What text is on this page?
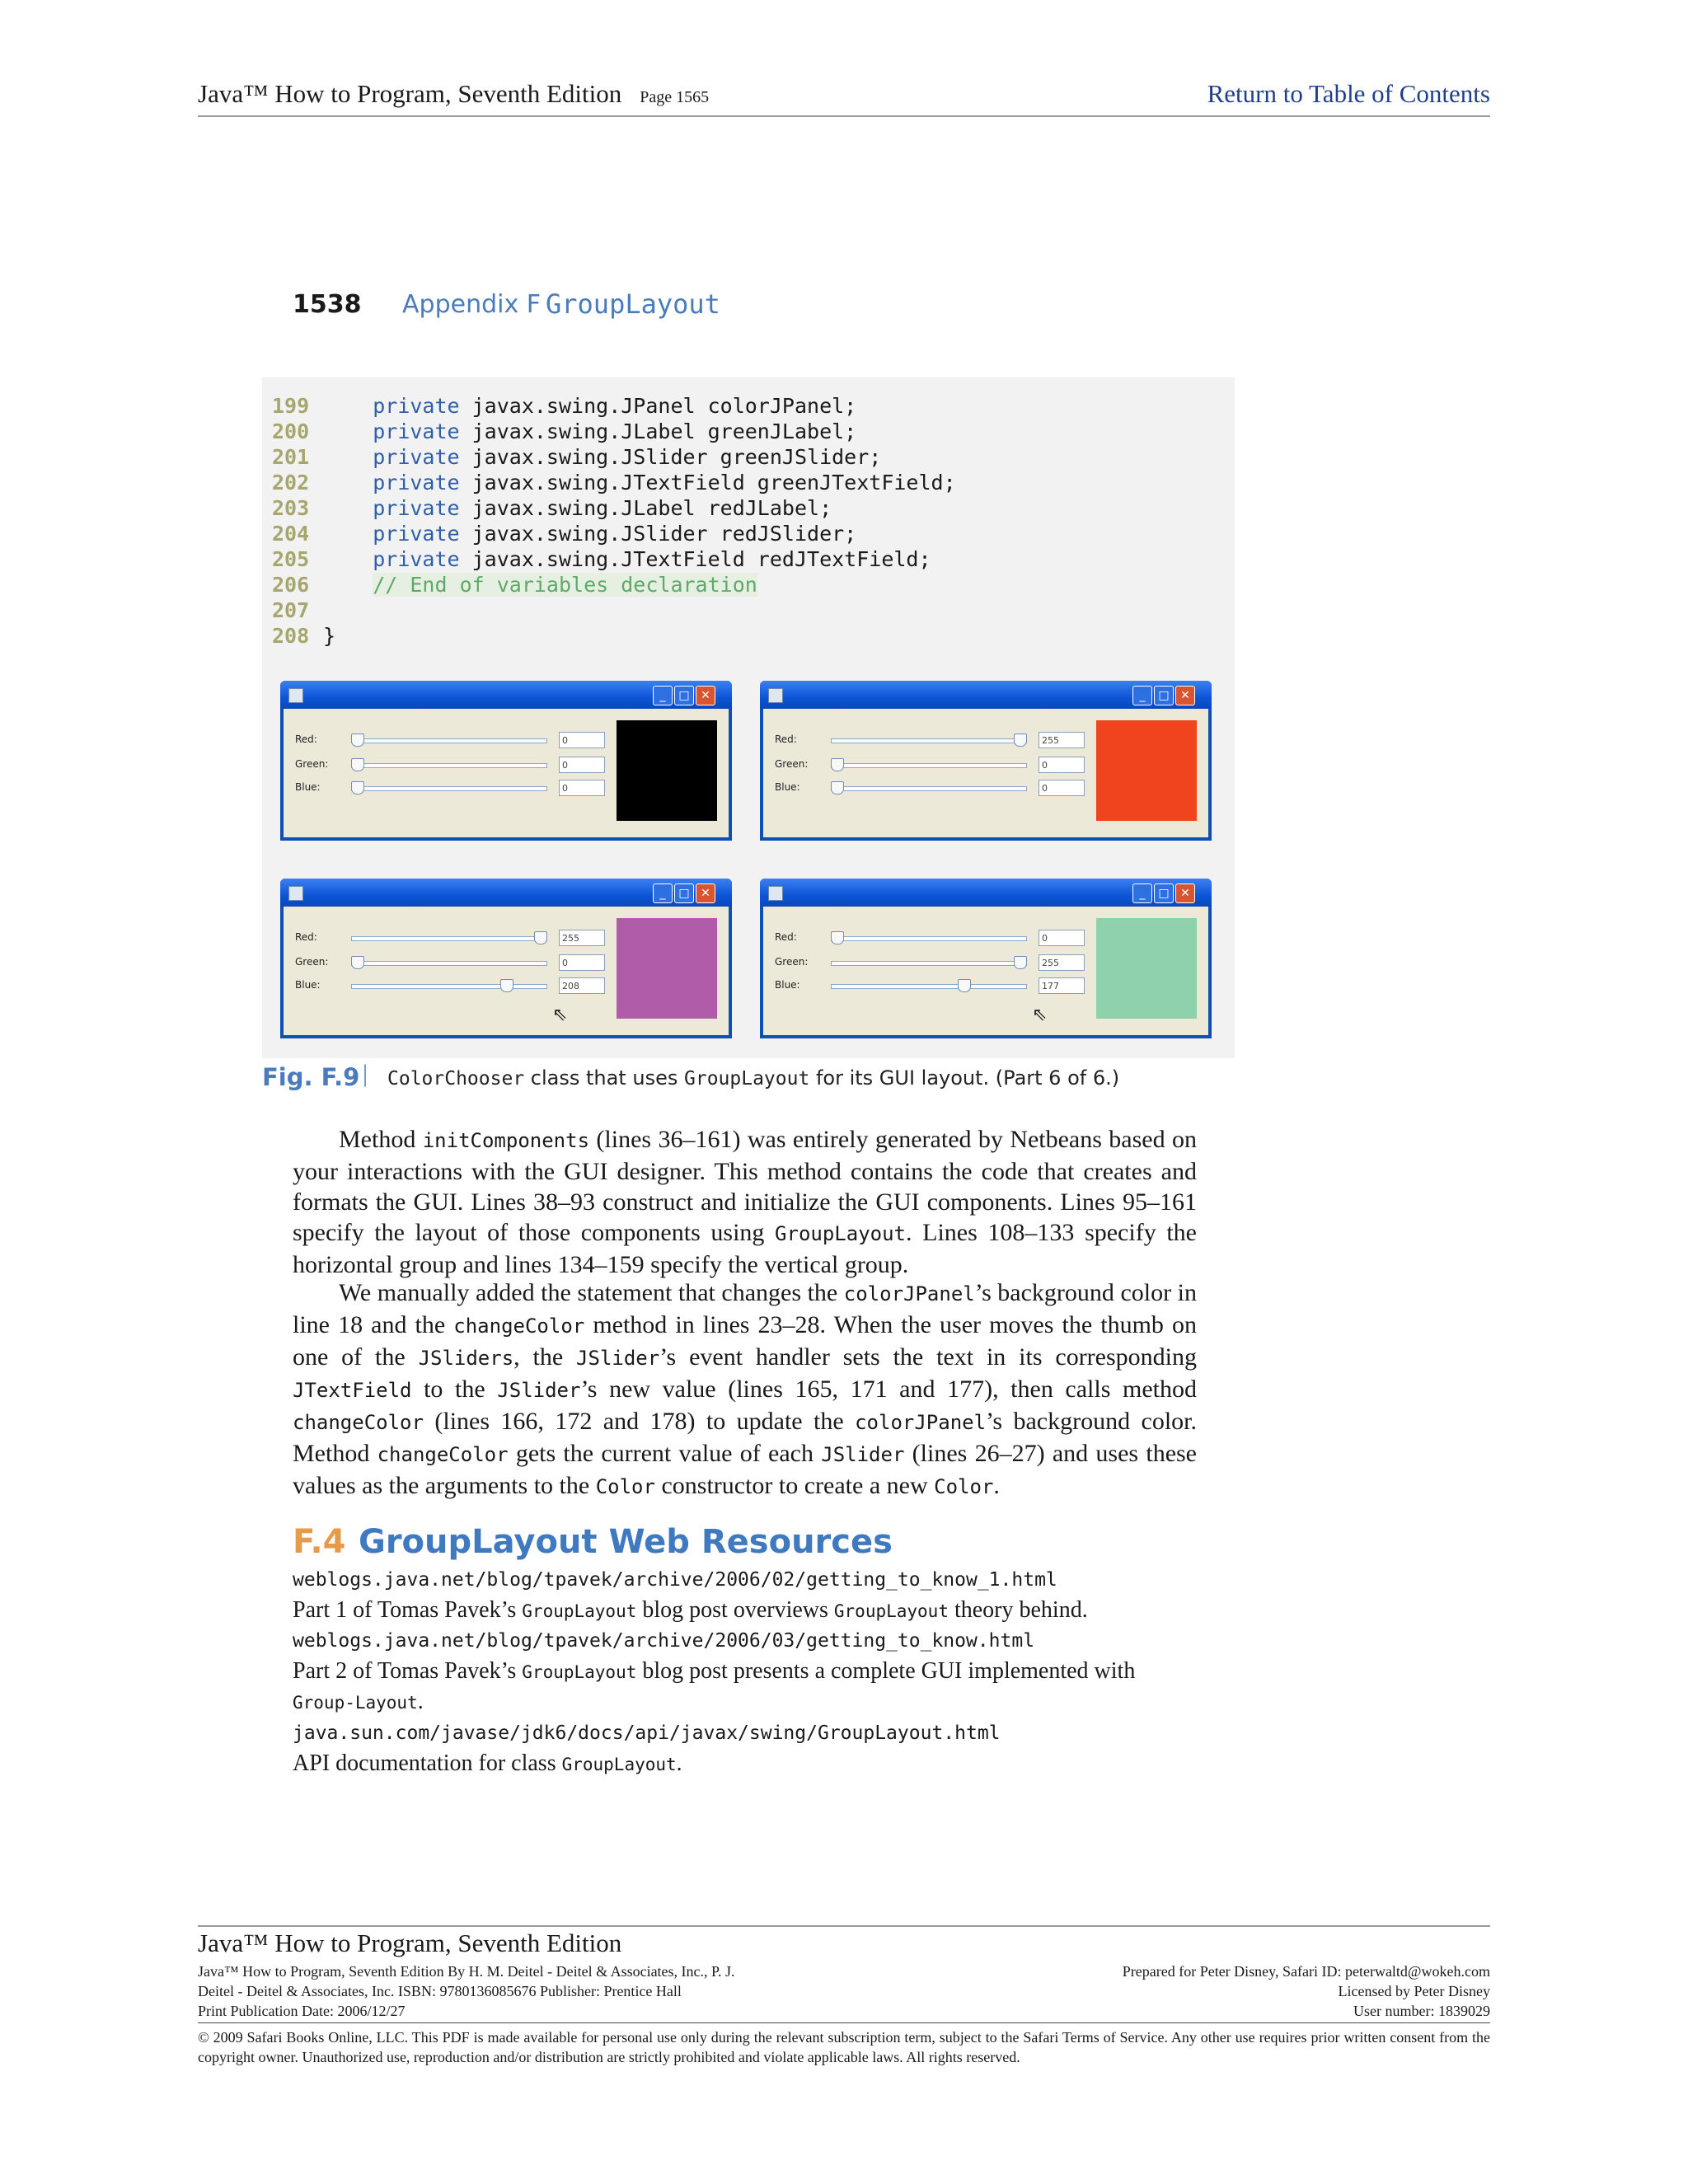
Java™ How to Program, Seventh Edition Page 1565	Return to Table of Contents
1538 Appendix F GroupLayout
199	private javax.swing.JPanel colorJPanel;
200	private javax.swing.JLabel greenJLabel;
201	private javax.swing.JSlider greenJSlider;
202	private javax.swing.JTextField greenJTextField;
203	private javax.swing.JLabel redJLabel;
204	private javax.swing.JSlider redJSlider;
205	private javax.swing.JTextField redJTextField;
206	// End of variables declaration
207
208 }
_	□ ✕
Red:	0
Green:	0
Blue:	0
_	□ ✕
Red:	255
Green:	0
Blue:	0
_	□ ✕
Red:	255
Green:	0
Blue:	208
⇖
_	□ ✕
Red:	0
Green:	255
Blue:	177
⇖
Fig. F.9 | ColorChooser class that uses GroupLayout for its GUI layout. (Part 6 of 6.)
Method initComponents (lines 36–161) was entirely generated by Netbeans based on your interactions with the GUI designer. This method contains the code that creates and formats the GUI. Lines 38–93 construct and initialize the GUI components. Lines 95–161 specify the layout of those components using GroupLayout. Lines 108–133 specify the horizontal group and lines 134–159 specify the vertical group.
We manually added the statement that changes the colorJPanel’s background color in line 18 and the changeColor method in lines 23–28. When the user moves the thumb on one of the JSliders, the JSlider’s event handler sets the text in its corresponding JTextField to the JSlider’s new value (lines 165, 171 and 177), then calls method changeColor (lines 166, 172 and 178) to update the colorJPanel’s background color. Method changeColor gets the current value of each JSlider (lines 26–27) and uses these values as the arguments to the Color constructor to create a new Color.
F.4 GroupLayout Web Resources
weblogs.java.net/blog/tpavek/archive/2006/02/getting_to_know_1.html
Part 1 of Tomas Pavek’s GroupLayout blog post overviews GroupLayout theory behind.
weblogs.java.net/blog/tpavek/archive/2006/03/getting_to_know.html
Part 2 of Tomas Pavek’s GroupLayout blog post presents a complete GUI implemented with Group-Layout.
java.sun.com/javase/jdk6/docs/api/javax/swing/GroupLayout.html
API documentation for class GroupLayout.
Java™ How to Program, Seventh Edition
Java™ How to Program, Seventh Edition By H. M. Deitel - Deitel & Associates, Inc., P. J.
Deitel - Deitel & Associates, Inc. ISBN: 9780136085676 Publisher: Prentice Hall
Print Publication Date: 2006/12/27
Prepared for Peter Disney, Safari ID: peterwaltd@wokeh.com
Licensed by Peter Disney
User number: 1839029
© 2009 Safari Books Online, LLC. This PDF is made available for personal use only during the relevant subscription term, subject to the Safari Terms of Service. Any other use requires prior written consent from the copyright owner. Unauthorized use, reproduction and/or distribution are strictly prohibited and violate applicable laws. All rights reserved.
